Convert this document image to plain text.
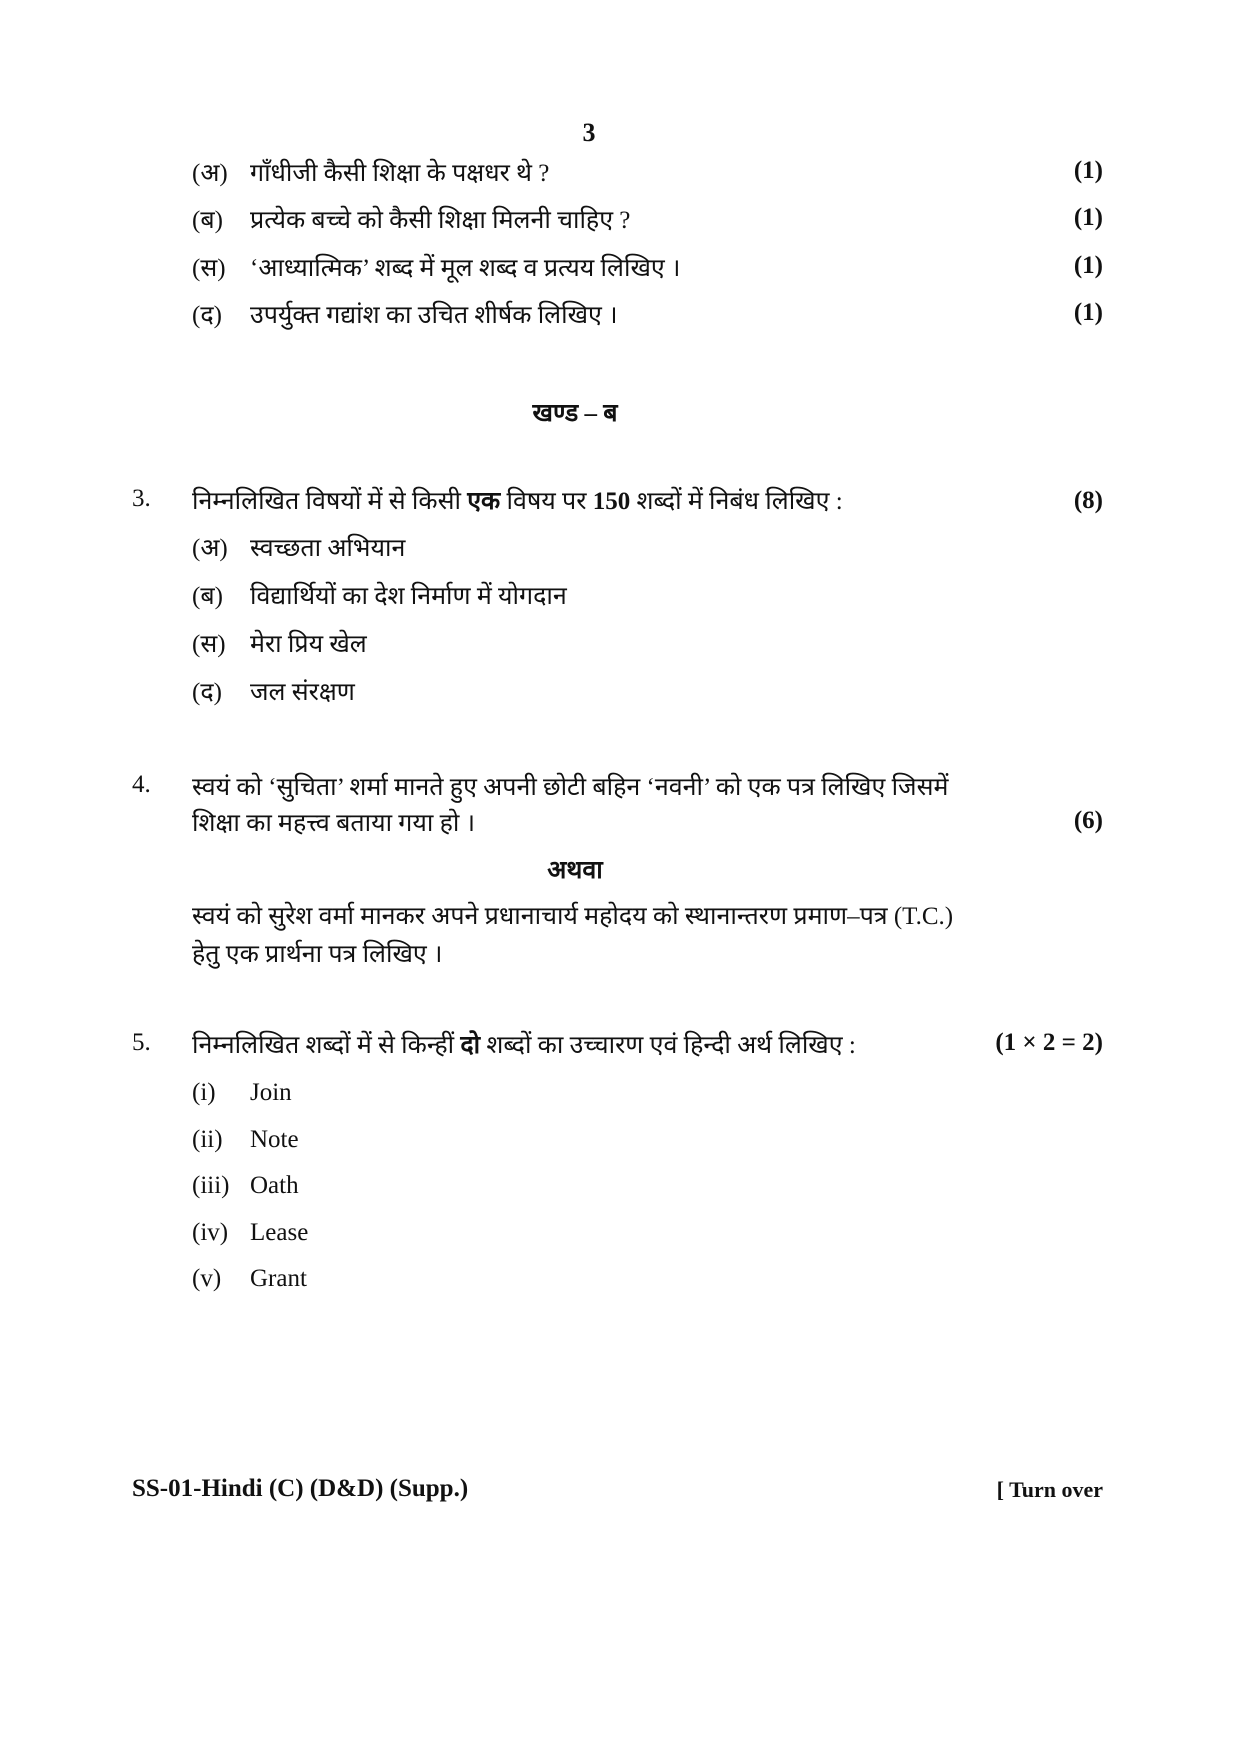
3
(अ) गाँधीजी कैसी शिक्षा के पक्षधर थे ?	(1)
(ब) प्रत्येक बच्चे को कैसी शिक्षा मिलनी चाहिए ?	(1)
(स) ‘आध्यात्मिक’ शब्द में मूल शब्द व प्रत्यय लिखिए ।	(1)
(द) उपर्युक्त गद्यांश का उचित शीर्षक लिखिए ।	(1)
खण्ड – ब
3. निम्नलिखित विषयों में से किसी एक विषय पर 150 शब्दों में निबंध लिखिए :	(8)
(अ) स्वच्छता अभियान
(ब) विद्यार्थियों का देश निर्माण में योगदान
(स) मेरा प्रिय खेल
(द) जल संरक्षण
4. स्वयं को ‘सुचिता’ शर्मा मानते हुए अपनी छोटी बहिन ‘नवनी’ को एक पत्र लिखिए जिसमें
शिक्षा का महत्त्व बताया गया हो ।	(6)
अथवा
स्वयं को सुरेश वर्मा मानकर अपने प्रधानाचार्य महोदय को स्थानान्तरण प्रमाण–पत्र (T.C.)
हेतु एक प्रार्थना पत्र लिखिए ।
5. निम्नलिखित शब्दों में से किन्हीं दो शब्दों का उच्चारण एवं हिन्दी अर्थ लिखिए :	(1 × 2 = 2)
(i) Join
(ii) Note
(iii) Oath
(iv) Lease
(v) Grant
SS-01-Hindi (C) (D&D) (Supp.)	[ Turn over
